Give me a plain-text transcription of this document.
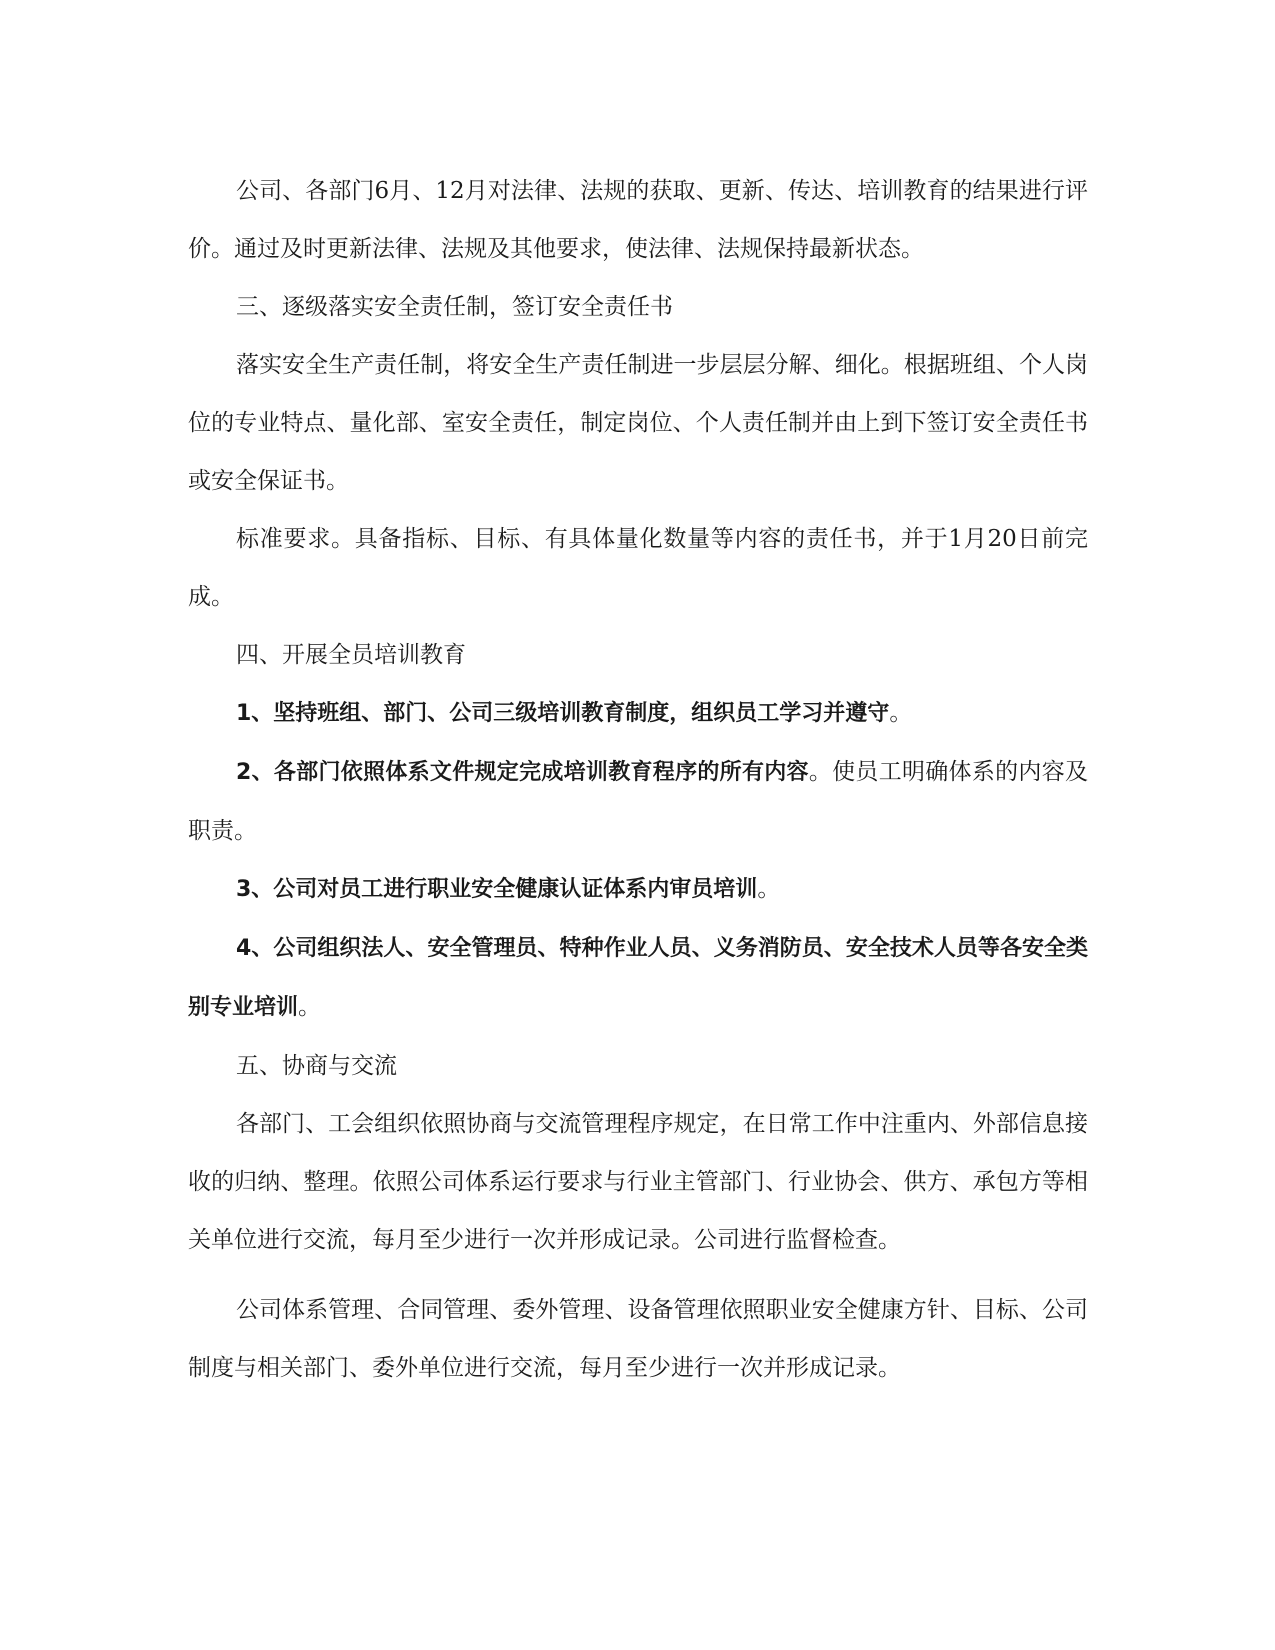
公司、各部门6月、12月对法律、法规的获取、更新、传达、培训教育的结果进行评价。通过及时更新法律、法规及其他要求，使法律、法规保持最新状态。

三、逐级落实安全责任制，签订安全责任书

落实安全生产责任制，将安全生产责任制进一步层层分解、细化。根据班组、个人岗位的专业特点、量化部、室安全责任，制定岗位、个人责任制并由上到下签订安全责任书或安全保证书。

标准要求。具备指标、目标、有具体量化数量等内容的责任书，并于1月20日前完成。

四、开展全员培训教育

1、坚持班组、部门、公司三级培训教育制度，组织员工学习并遵守。

2、各部门依照体系文件规定完成培训教育程序的所有内容。使员工明确体系的内容及职责。

3、公司对员工进行职业安全健康认证体系内审员培训。

4、公司组织法人、安全管理员、特种作业人员、义务消防员、安全技术人员等各安全类别专业培训。

五、协商与交流

各部门、工会组织依照协商与交流管理程序规定，在日常工作中注重内、外部信息接收的归纳、整理。依照公司体系运行要求与行业主管部门、行业协会、供方、承包方等相关单位进行交流，每月至少进行一次并形成记录。公司进行监督检查。

公司体系管理、合同管理、委外管理、设备管理依照职业安全健康方针、目标、公司制度与相关部门、委外单位进行交流，每月至少进行一次并形成记录。
